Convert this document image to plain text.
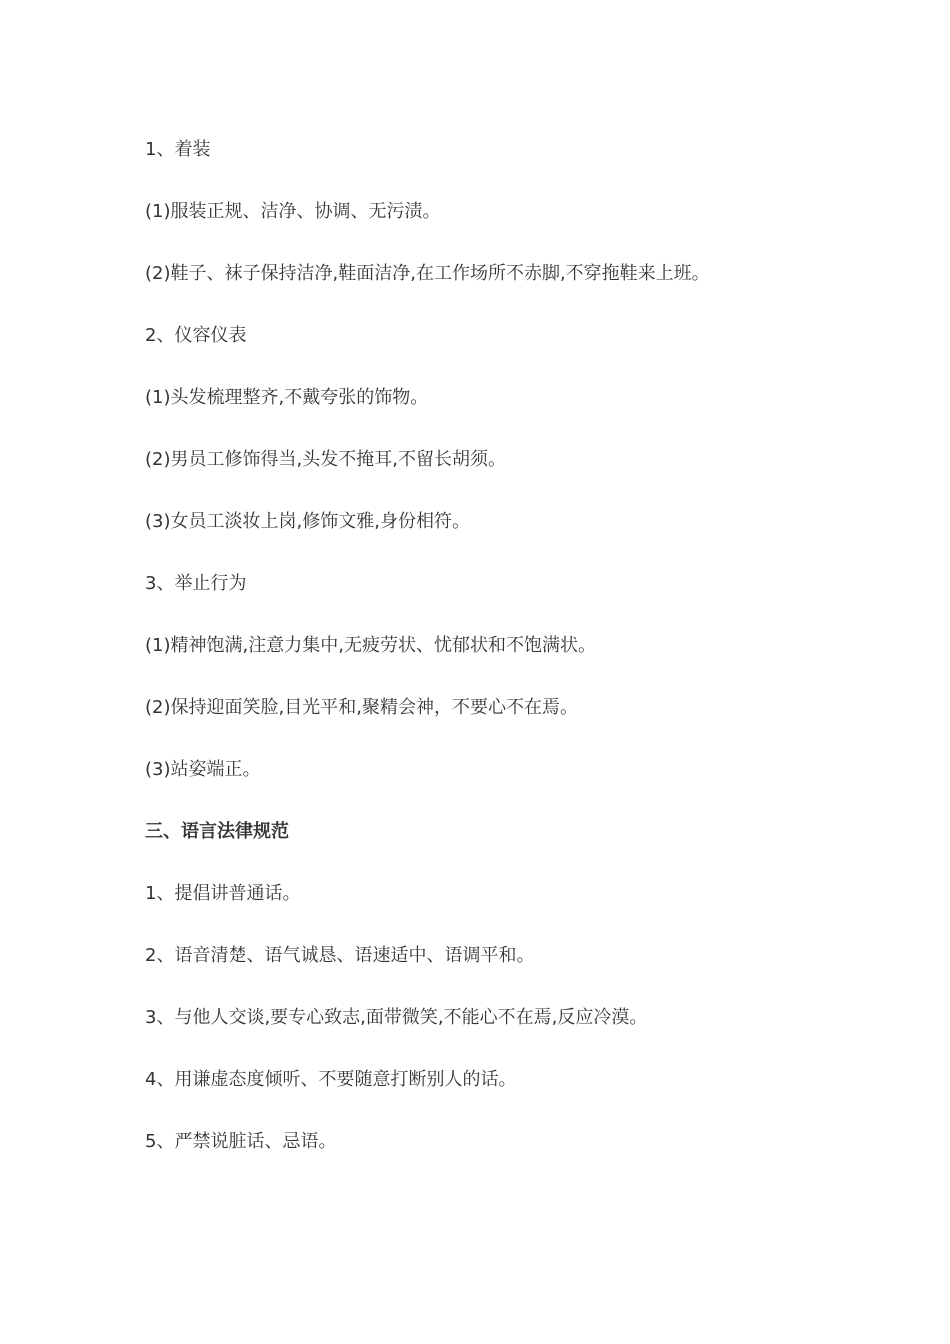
1、着装
(1)服装正规、洁净、协调、无污渍。
(2)鞋子、袜子保持洁净,鞋面洁净,在工作场所不赤脚,不穿拖鞋来上班。
2、仪容仪表
(1)头发梳理整齐,不戴夸张的饰物。
(2)男员工修饰得当,头发不掩耳,不留长胡须。
(3)女员工淡妆上岗,修饰文雅,身份相符。
3、举止行为
(1)精神饱满,注意力集中,无疲劳状、忧郁状和不饱满状。
(2)保持迎面笑脸,目光平和,聚精会神，不要心不在焉。
(3)站姿端正。
三、语言法律规范
1、提倡讲普通话。
2、语音清楚、语气诚恳、语速适中、语调平和。
3、与他人交谈,要专心致志,面带微笑,不能心不在焉,反应冷漠。
4、用谦虚态度倾听、不要随意打断别人的话。
5、严禁说脏话、忌语。
